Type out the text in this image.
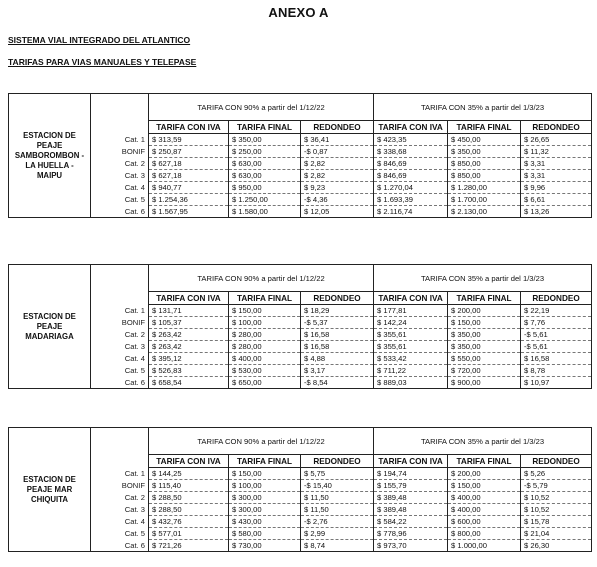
ANEXO A
SISTEMA VIAL INTEGRADO DEL ATLANTICO
TARIFAS PARA VIAS MANUALES Y TELEPASE
ESTACION DE PEAJE SAMBOROMBON - LA HUELLA - MAIPU		TARIFA CON 90% a partir del 1/12/22			TARIFA CON 35% a partir del 1/3/23		
		TARIFA CON IVA	TARIFA FINAL	REDONDEO	TARIFA CON IVA	TARIFA FINAL	REDONDEO
	Cat. 1	$ 313,59	$ 350,00	$ 36,41	$ 423,35	$ 450,00	$ 26,65
	BONIF	$ 250,87	$ 250,00	-$ 0,87	$ 338,68	$ 350,00	$ 11,32
	Cat. 2	$ 627,18	$ 630,00	$ 2,82	$ 846,69	$ 850,00	$ 3,31
	Cat. 3	$ 627,18	$ 630,00	$ 2,82	$ 846,69	$ 850,00	$ 3,31
	Cat. 4	$ 940,77	$ 950,00	$ 9,23	$ 1.270,04	$ 1.280,00	$ 9,96
	Cat. 5	$ 1.254,36	$ 1.250,00	-$ 4,36	$ 1.693,39	$ 1.700,00	$ 6,61
	Cat. 6	$ 1.567,95	$ 1.580,00	$ 12,05	$ 2.116,74	$ 2.130,00	$ 13,26
ESTACION DE PEAJE MADARIAGA		TARIFA CON 90% a partir del 1/12/22			TARIFA CON 35% a partir del 1/3/23		
		TARIFA CON IVA	TARIFA FINAL	REDONDEO	TARIFA CON IVA	TARIFA FINAL	REDONDEO
	Cat. 1	$ 131,71	$ 150,00	$ 18,29	$ 177,81	$ 200,00	$ 22,19
	BONIF	$ 105,37	$ 100,00	-$ 5,37	$ 142,24	$ 150,00	$ 7,76
	Cat. 2	$ 263,42	$ 280,00	$ 16,58	$ 355,61	$ 350,00	-$ 5,61
	Cat. 3	$ 263,42	$ 280,00	$ 16,58	$ 355,61	$ 350,00	-$ 5,61
	Cat. 4	$ 395,12	$ 400,00	$ 4,88	$ 533,42	$ 550,00	$ 16,58
	Cat. 5	$ 526,83	$ 530,00	$ 3,17	$ 711,22	$ 720,00	$ 8,78
	Cat. 6	$ 658,54	$ 650,00	-$ 8,54	$ 889,03	$ 900,00	$ 10,97
ESTACION DE PEAJE MAR CHIQUITA		TARIFA CON 90% a partir del 1/12/22			TARIFA CON 35% a partir del 1/3/23		
		TARIFA CON IVA	TARIFA FINAL	REDONDEO	TARIFA CON IVA	TARIFA FINAL	REDONDEO
	Cat. 1	$ 144,25	$ 150,00	$ 5,75	$ 194,74	$ 200,00	$ 5,26
	BONIF	$ 115,40	$ 100,00	-$ 15,40	$ 155,79	$ 150,00	-$ 5,79
	Cat. 2	$ 288,50	$ 300,00	$ 11,50	$ 389,48	$ 400,00	$ 10,52
	Cat. 3	$ 288,50	$ 300,00	$ 11,50	$ 389,48	$ 400,00	$ 10,52
	Cat. 4	$ 432,76	$ 430,00	-$ 2,76	$ 584,22	$ 600,00	$ 15,78
	Cat. 5	$ 577,01	$ 580,00	$ 2,99	$ 778,96	$ 800,00	$ 21,04
	Cat. 6	$ 721,26	$ 730,00	$ 8,74	$ 973,70	$ 1.000,00	$ 26,30
